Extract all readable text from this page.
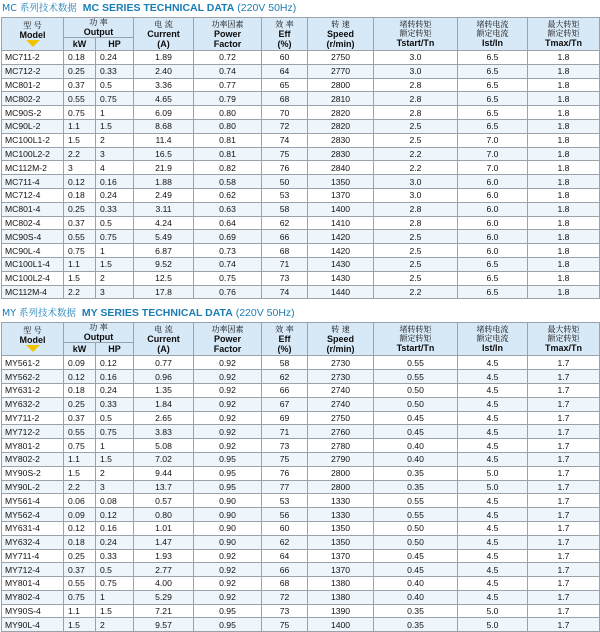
MC 系列技术数据 MC SERIES TECHNICAL DATA (220V 50Hz)
型 号
Model	功 率
Output		电 流
Current
(A)	功率因素
Power
Factor	效 率
Eff
(%)	转 速
Speed
(r/min)	堵转转矩
额定转矩
Tstart/Tn	堵转电流
额定电流
Ist/In	最大转矩
额定转矩
Tmax/Tn

	kW	HP							
MC711-2	0.18	0.24	1.89	0.72	60	2750	3.0	6.5	1.8
MC712-2	0.25	0.33	2.40	0.74	64	2770	3.0	6.5	1.8
MC801-2	0.37	0.5	3.36	0.77	65	2800	2.8	6.5	1.8
MC802-2	0.55	0.75	4.65	0.79	68	2810	2.8	6.5	1.8
MC90S-2	0.75	1	6.09	0.80	70	2820	2.8	6.5	1.8
MC90L-2	1.1	1.5	8.68	0.80	72	2820	2.5	6.5	1.8
MC100L1-2	1.5	2	11.4	0.81	74	2830	2.5	7.0	1.8
MC100L2-2	2.2	3	16.5	0.81	75	2830	2.2	7.0	1.8
MC112M-2	3	4	21.9	0.82	76	2840	2.2	7.0	1.8
MC711-4	0.12	0.16	1.88	0.58	50	1350	3.0	6.0	1.8
MC712-4	0.18	0.24	2.49	0.62	53	1370	3.0	6.0	1.8
MC801-4	0.25	0.33	3.11	0.63	58	1400	2.8	6.0	1.8
MC802-4	0.37	0.5	4.24	0.64	62	1410	2.8	6.0	1.8
MC90S-4	0.55	0.75	5.49	0.69	66	1420	2.5	6.0	1.8
MC90L-4	0.75	1	6.87	0.73	68	1420	2.5	6.0	1.8
MC100L1-4	1.1	1.5	9.52	0.74	71	1430	2.5	6.5	1.8
MC100L2-4	1.5	2	12.5	0.75	73	1430	2.5	6.5	1.8
MC112M-4	2.2	3	17.8	0.76	74	1440	2.2	6.5	1.8
MY 系列技术数据 MY SERIES TECHNICAL DATA (220V 50Hz)
型 号
Model	功 率
Output		电 流
Current
(A)	功率因素
Power
Factor	效 率
Eff
(%)	转 速
Speed
(r/min)	堵转转矩
额定转矩
Tstart/Tn	堵转电流
额定电流
Ist/In	最大转矩
额定转矩
Tmax/Tn

	kW	HP							
MY561-2	0.09	0.12	0.77	0.92	58	2730	0.55	4.5	1.7
MY562-2	0.12	0.16	0.96	0.92	62	2730	0.55	4.5	1.7
MY631-2	0.18	0.24	1.35	0.92	66	2740	0.50	4.5	1.7
MY632-2	0.25	0.33	1.84	0.92	67	2740	0.50	4.5	1.7
MY711-2	0.37	0.5	2.65	0.92	69	2750	0.45	4.5	1.7
MY712-2	0.55	0.75	3.83	0.92	71	2760	0.45	4.5	1.7
MY801-2	0.75	1	5.08	0.92	73	2780	0.40	4.5	1.7
MY802-2	1.1	1.5	7.02	0.95	75	2790	0.40	4.5	1.7
MY90S-2	1.5	2	9.44	0.95	76	2800	0.35	5.0	1.7
MY90L-2	2.2	3	13.7	0.95	77	2800	0.35	5.0	1.7
MY561-4	0.06	0.08	0.57	0.90	53	1330	0.55	4.5	1.7
MY562-4	0.09	0.12	0.80	0.90	56	1330	0.55	4.5	1.7
MY631-4	0.12	0.16	1.01	0.90	60	1350	0.50	4.5	1.7
MY632-4	0.18	0.24	1.47	0.90	62	1350	0.50	4.5	1.7
MY711-4	0.25	0.33	1.93	0.92	64	1370	0.45	4.5	1.7
MY712-4	0.37	0.5	2.77	0.92	66	1370	0.45	4.5	1.7
MY801-4	0.55	0.75	4.00	0.92	68	1380	0.40	4.5	1.7
MY802-4	0.75	1	5.29	0.92	72	1380	0.40	4.5	1.7
MY90S-4	1.1	1.5	7.21	0.95	73	1390	0.35	5.0	1.7
MY90L-4	1.5	2	9.57	0.95	75	1400	0.35	5.0	1.7
